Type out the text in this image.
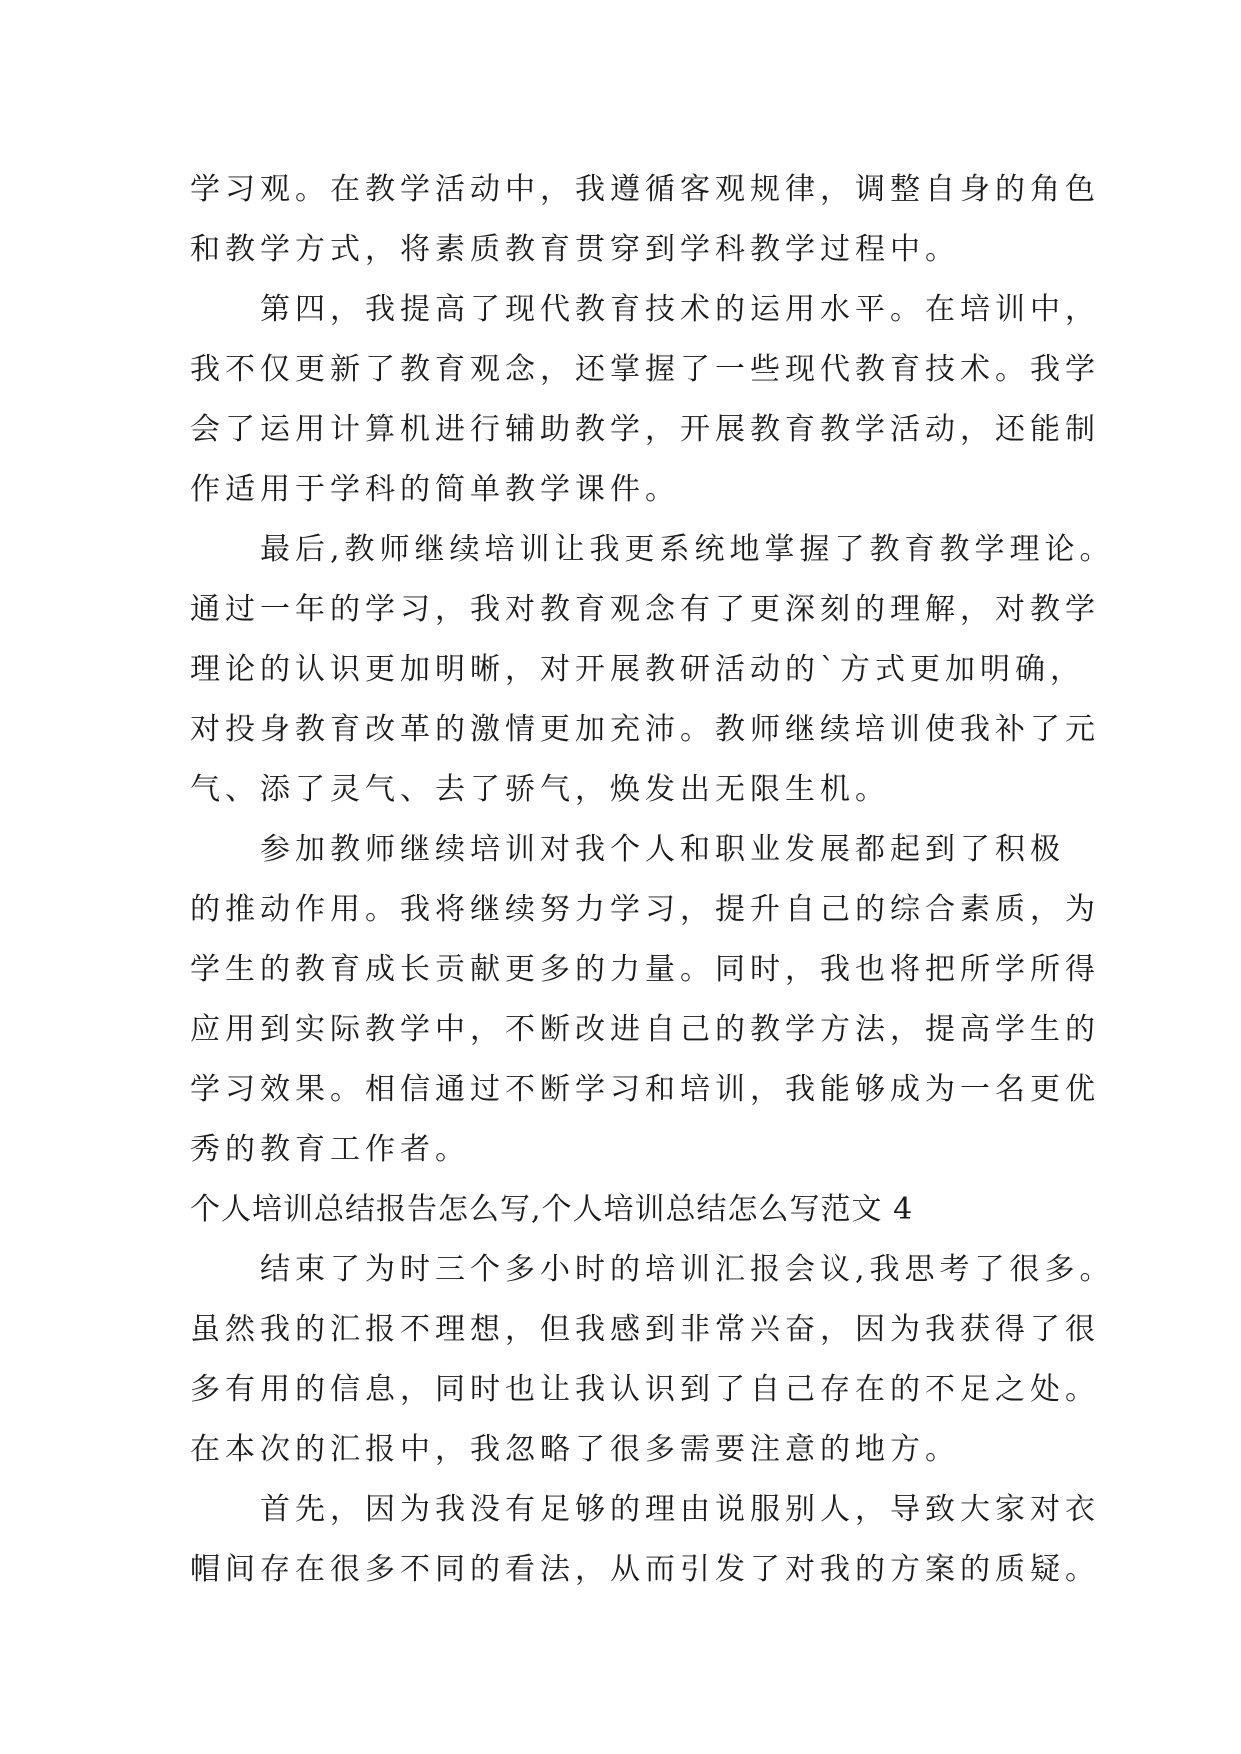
学习观。在教学活动中，我遵循客观规律，调整自身的角色
和教学方式，将素质教育贯穿到学科教学过程中。
第四，我提高了现代教育技术的运用水平。在培训中，
我不仅更新了教育观念，还掌握了一些现代教育技术。我学
会了运用计算机进行辅助教学，开展教育教学活动，还能制
作适用于学科的简单教学课件。
最后,教师继续培训让我更系统地掌握了教育教学理论。
通过一年的学习，我对教育观念有了更深刻的理解，对教学
理论的认识更加明晰，对开展教研活动的`方式更加明确，
对投身教育改革的激情更加充沛。教师继续培训使我补了元
气、添了灵气、去了骄气，焕发出无限生机。
参加教师继续培训对我个人和职业发展都起到了积极
的推动作用。我将继续努力学习，提升自己的综合素质，为
学生的教育成长贡献更多的力量。同时，我也将把所学所得
应用到实际教学中，不断改进自己的教学方法，提高学生的
学习效果。相信通过不断学习和培训，我能够成为一名更优
秀的教育工作者。
个人培训总结报告怎么写,个人培训总结怎么写范文 4
结束了为时三个多小时的培训汇报会议,我思考了很多。
虽然我的汇报不理想，但我感到非常兴奋，因为我获得了很
多有用的信息，同时也让我认识到了自己存在的不足之处。
在本次的汇报中，我忽略了很多需要注意的地方。
首先，因为我没有足够的理由说服别人，导致大家对衣
帽间存在很多不同的看法，从而引发了对我的方案的质疑。
